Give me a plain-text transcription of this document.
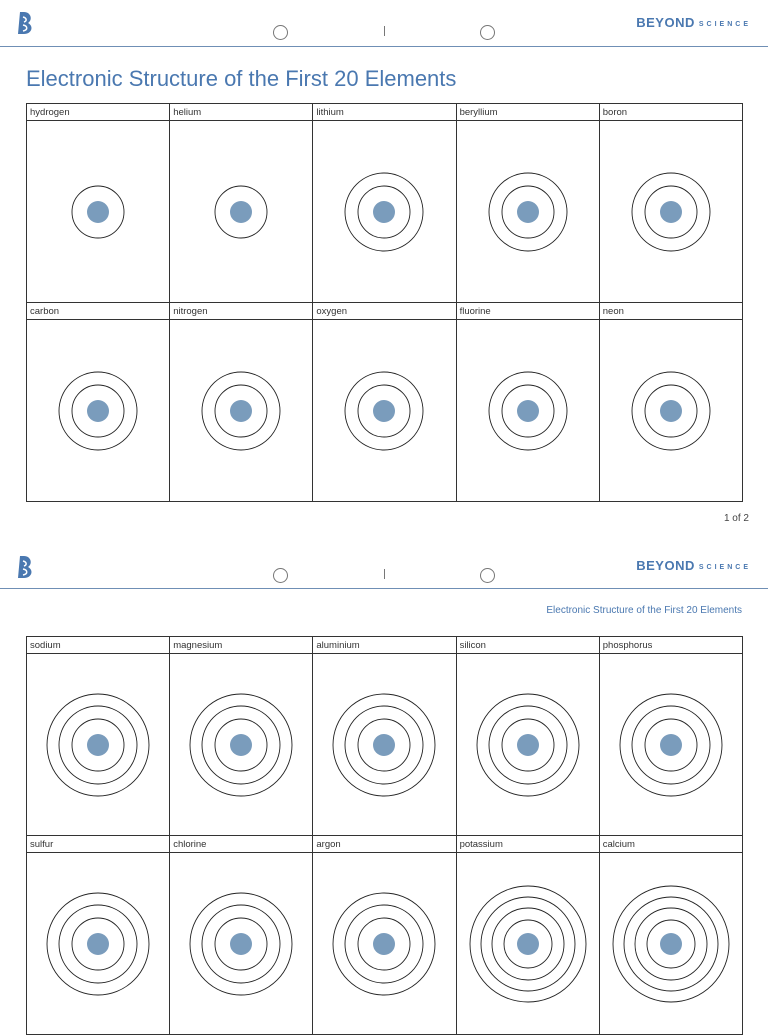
BEYOND SCIENCE
Electronic Structure of the First 20 Elements
hydrogen	helium	lithium	beryllium	boron
carbon	nitrogen	oxygen	fluorine	neon
1 of 2
BEYOND SCIENCE
Electronic Structure of the First 20 Elements
sodium	magnesium	aluminium	silicon	phosphorus
sulfur	chlorine	argon	potassium	calcium
